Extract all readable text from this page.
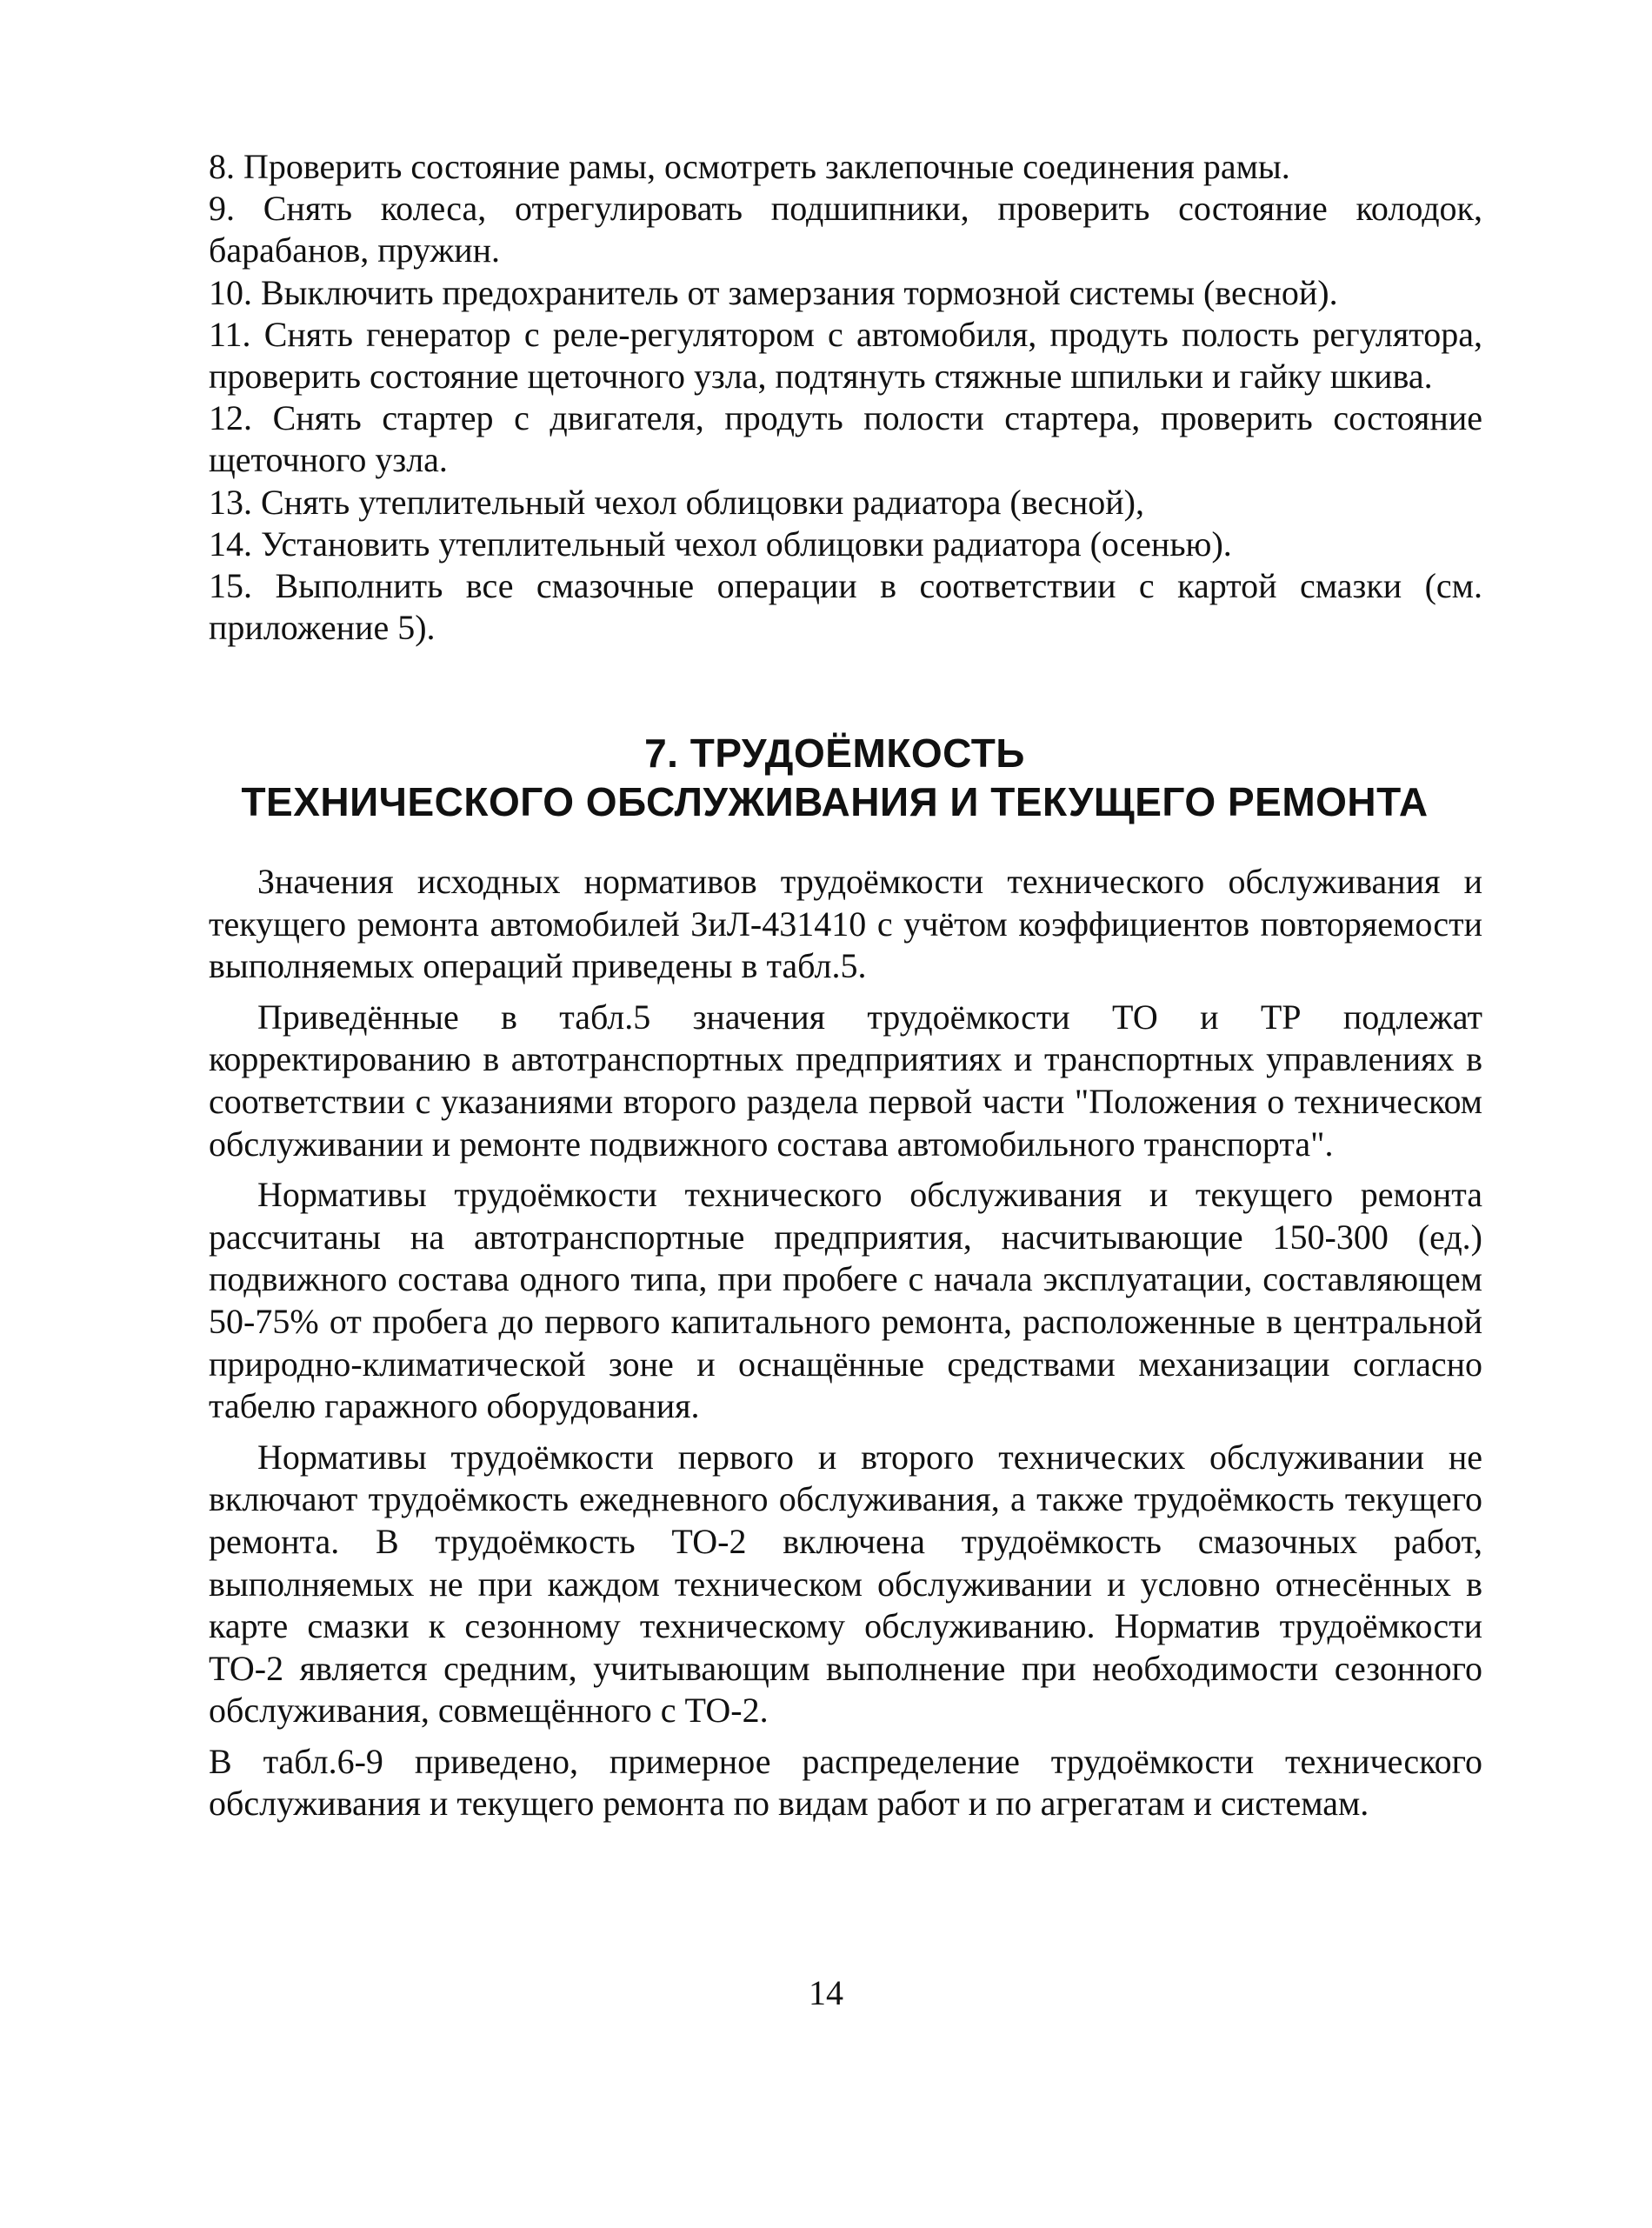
8. Проверить состояние рамы, осмотреть заклепочные соединения рамы.

9. Снять колеса, отрегулировать подшипники, проверить состояние колодок, барабанов, пружин.

10. Выключить предохранитель от замерзания тормозной системы (весной).

11. Снять генератор с реле-регулятором с автомобиля, продуть полость регулятора, проверить состояние щеточного узла, подтянуть стяжные шпильки и гайку шкива.

12. Снять стартер с двигателя, продуть полости стартера, проверить состояние щеточного узла.

13. Снять утеплительный чехол облицовки радиатора (весной),

14. Установить утеплительный чехол облицовки радиатора (осенью).

15. Выполнить все смазочные операции в соответствии с картой смазки (см. приложение 5).

7. ТРУДОЁМКОСТЬ
ТЕХНИЧЕСКОГО ОБСЛУЖИВАНИЯ И ТЕКУЩЕГО РЕМОНТА

Значения исходных нормативов трудоёмкости технического обслуживания и текущего ремонта автомобилей ЗиЛ-431410 с учётом коэффициентов повторяемости выполняемых операций приведены в табл.5.

Приведённые в табл.5 значения трудоёмкости ТО и ТР подлежат корректированию в автотранспортных предприятиях и транспортных управлениях в соответствии с указаниями второго раздела первой части "Положения о техническом обслуживании и ремонте подвижного состава автомобильного транспорта".

Нормативы трудоёмкости технического обслуживания и текущего ремонта рассчитаны на автотранспортные предприятия, насчитывающие 150-300 (ед.) подвижного состава одного типа, при пробеге с начала эксплуатации, составляющем 50-75% от пробега до первого капитального ремонта, расположенные в центральной природно-климатической зоне и оснащённые средствами механизации согласно табелю гаражного оборудования.

Нормативы трудоёмкости первого и второго технических обслуживании не включают трудоёмкость ежедневного обслуживания, а также трудоёмкость текущего ремонта. В трудоёмкость ТО-2 включена трудоёмкость смазочных работ, выполняемых не при каждом техническом обслуживании и условно отнесённых в карте смазки к сезонному техническому обслуживанию. Норматив трудоёмкости ТО-2 является средним, учитывающим выполнение при необходимости сезонного обслуживания, совмещённого с ТО-2.

В табл.6-9 приведено, примерное распределение трудоёмкости технического обслуживания и текущего ремонта по видам работ и по агрегатам и системам.

14
